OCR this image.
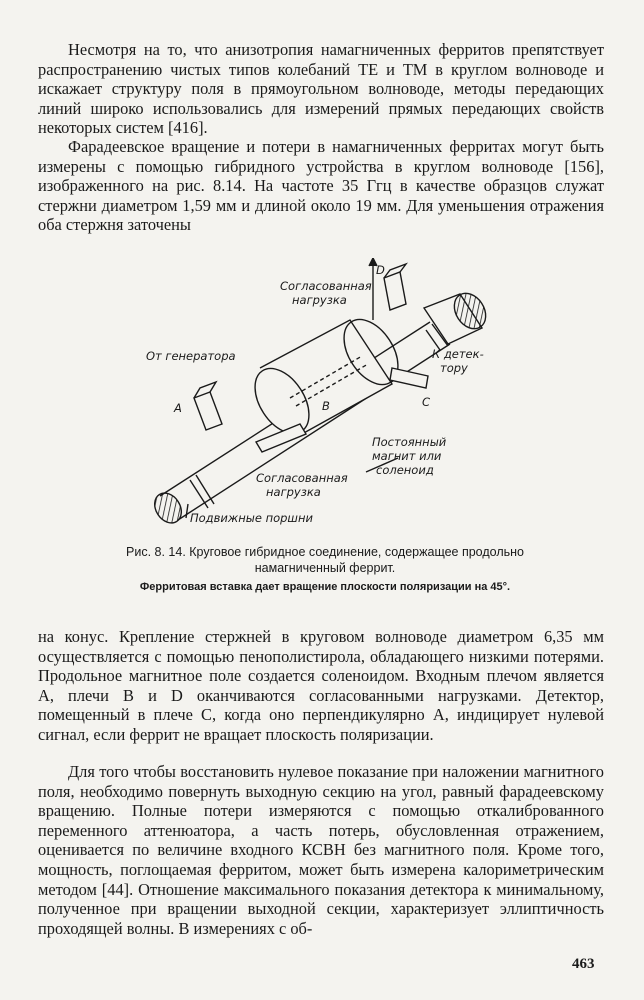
Несмотря на то, что анизотропия намагниченных ферритов препятствует распространению чистых типов колебаний ТЕ и ТМ в круглом волноводе и искажает структуру поля в прямоугольном волноводе, методы передающих линий широко использовались для измерений прямых передающих свойств некоторых систем [416].

Фарадеевское вращение и потери в намагниченных ферритах могут быть измерены с помощью гибридного устройства в круглом волноводе [156], изображенного на рис. 8.14. На частоте 35 Ггц в качестве образцов служат стержни диаметром 1,59 мм и длиной около 19 мм. Для уменьшения отражения оба стержня заточены

Согласованная
нагрузка
От генератора	К детек-
тору
Постоянный
магнит или
соленоид
Согласованная
нагрузка
Подвижные поршни
A	B	C
D
Рис. 8. 14. Круговое гибридное соединение, содержащее продольно намагниченный феррит.
Ферритовая вставка дает вращение плоскости поляризации на 45°.

на конус. Крепление стержней в круговом волноводе диаметром 6,35 мм осуществляется с помощью пенополистирола, обладающего низкими потерями. Продольное магнитное поле создается соленоидом. Входным плечом является A, плечи B и D оканчиваются согласованными нагрузками. Детектор, помещенный в плече C, когда оно перпендикулярно A, индицирует нулевой сигнал, если феррит не вращает плоскость поляризации.

Для того чтобы восстановить нулевое показание при наложении магнитного поля, необходимо повернуть выходную секцию на угол, равный фарадеевскому вращению. Полные потери измеряются с помощью откалиброванного переменного аттенюатора, а часть потерь, обусловленная отражением, оценивается по величине входного КСВН без магнитного поля. Кроме того, мощность, поглощаемая ферритом, может быть измерена калориметрическим методом [44]. Отношение максимального показания детектора к минимальному, полученное при вращении выходной секции, характеризует эллиптичность проходящей волны. В измерениях с об-

463
